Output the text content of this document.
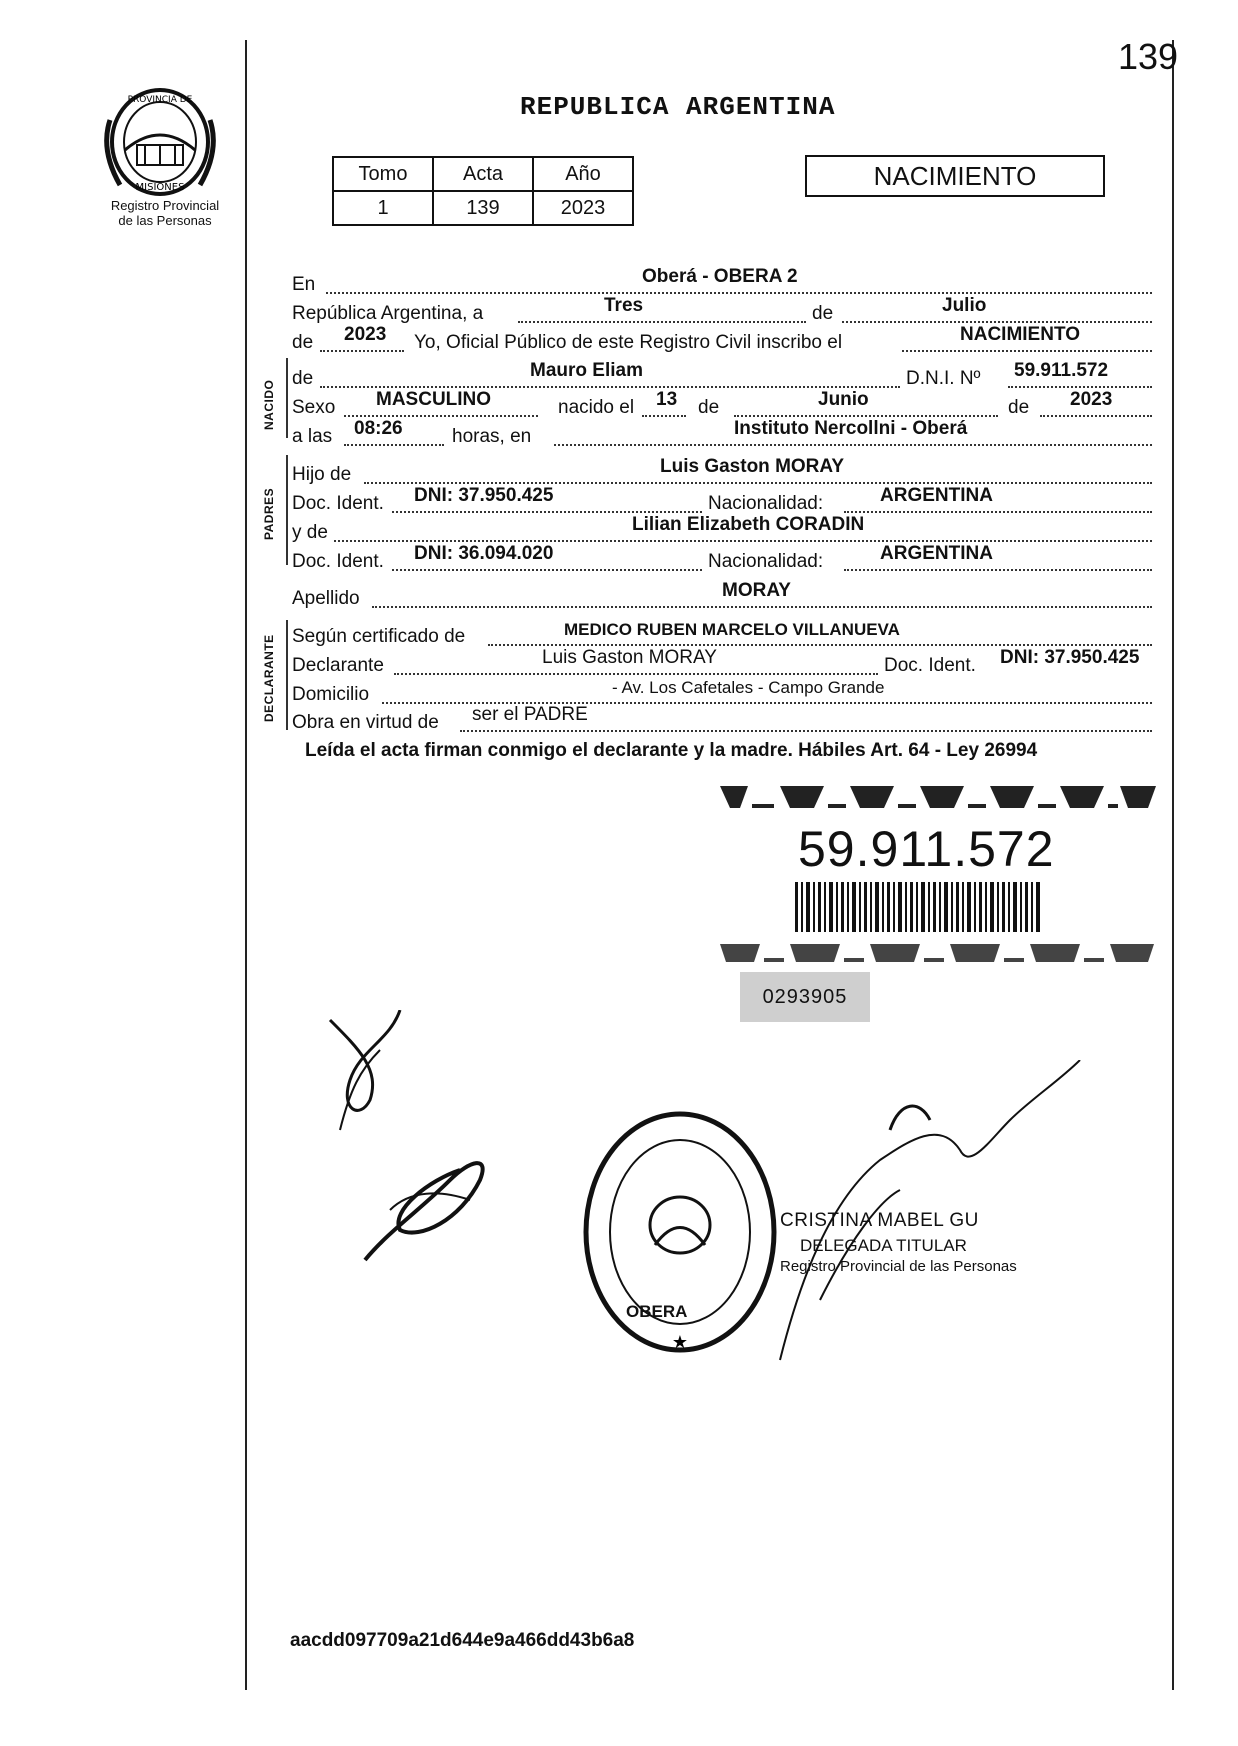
139
PROVINCIA DE
MISIONES
Registro Provincial
de las Personas
REPUBLICA ARGENTINA
Tomo	Acta	Año
1	139	2023
NACIMIENTO
NACIDO
PADRES
DECLARANTE
En	Oberá - OBERA 2
República Argentina, a	Tres	de	Julio
de 2023 Yo, Oficial Público de este Registro Civil inscribo el	NACIMIENTO
de	Mauro Eliam	D.N.I. Nº 59.911.572
Sexo MASCULINO	nacido el 13 de	Junio	de 2023
a las 08:26	horas, en	Instituto Nercollni - Oberá
Hijo de	Luis Gaston MORAY
Doc. Ident. DNI: 37.950.425	Nacionalidad:	ARGENTINA
y de	Lilian Elizabeth CORADIN
Doc. Ident. DNI: 36.094.020	Nacionalidad:	ARGENTINA
Apellido	MORAY
Según certificado de	MEDICO RUBEN MARCELO VILLANUEVA
Declarante	Luis Gaston MORAY	Doc. Ident. DNI: 37.950.425
Domicilio	- Av. Los Cafetales - Campo Grande
Obra en virtud de ser el PADRE
Leída el acta firman conmigo el declarante y la madre. Hábiles Art. 64 - Ley 26994
59.911.572
0293905
★
OBERA
CRISTINA MABEL GU
DELEGADA TITULAR
Registro Provincial de las Personas
aacdd097709a21d644e9a466dd43b6a8
